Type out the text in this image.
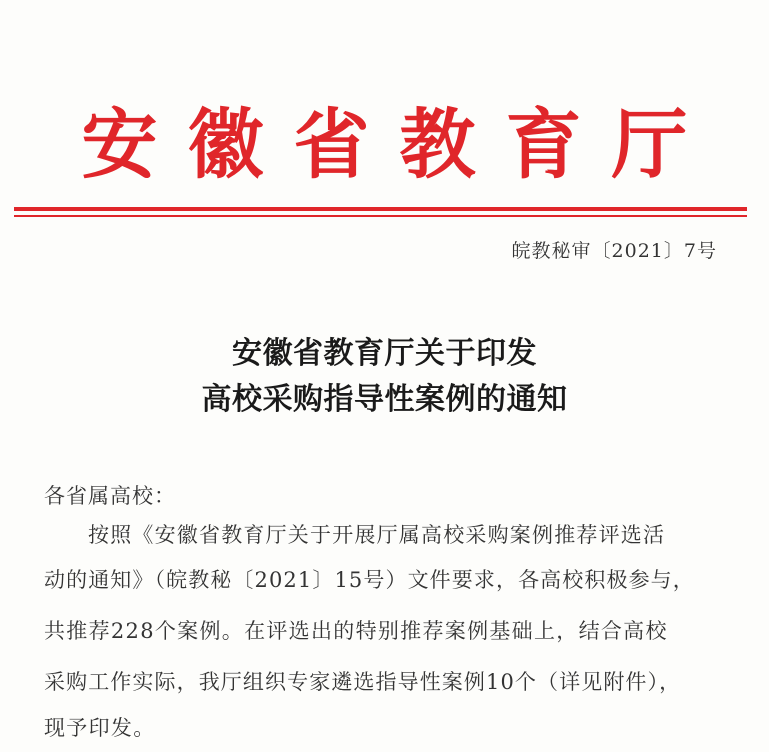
安徽省教育厅
皖教秘审〔2021〕7号
安徽省教育厅关于印发
高校采购指导性案例的通知
各省属高校：
按照《安徽省教育厅关于开展厅属高校采购案例推荐评选活
动的通知》（皖教秘〔2021〕15号）文件要求，各高校积极参与，
共推荐228个案例。在评选出的特别推荐案例基础上，结合高校
采购工作实际，我厅组织专家遴选指导性案例10个（详见附件），
现予印发。
